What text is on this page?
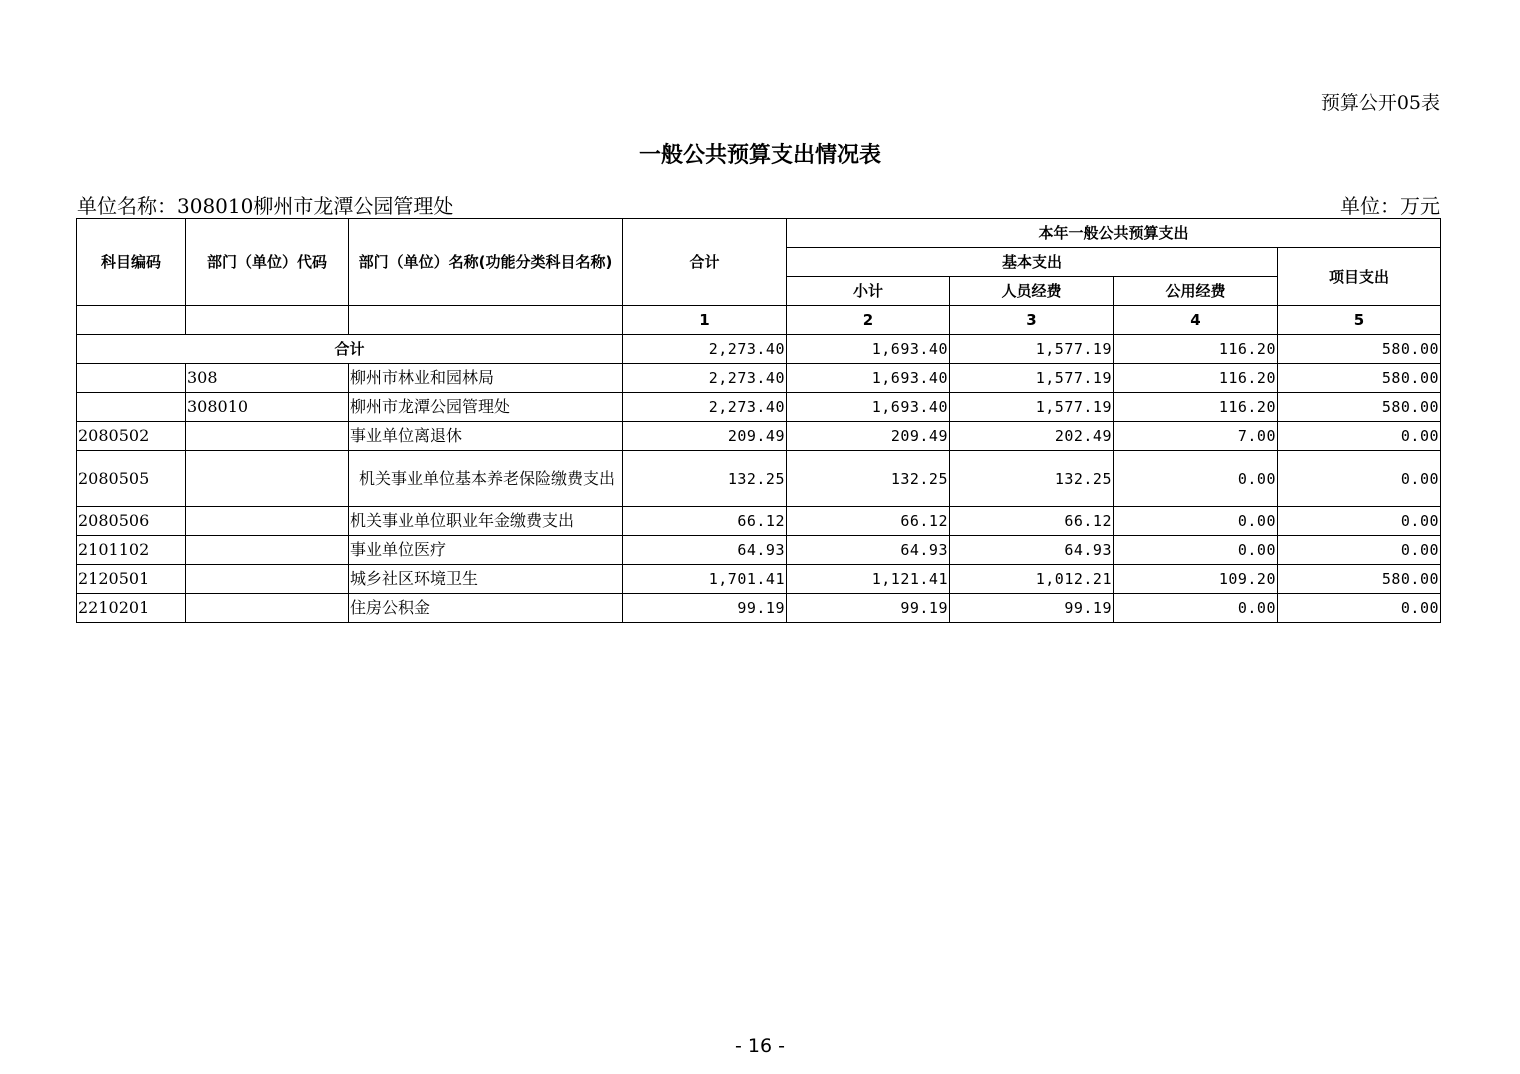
预算公开05表
一般公共预算支出情况表
单位名称：308010柳州市龙潭公园管理处	单位：万元
科目编码	部门（单位）代码	部门（单位）名称(功能分类科目名称)	合计	本年一般公共预算支出			
				基本支出			项目支出
				小计	人员经费	公用经费	
			1	2	3	4	5
合计			2,273.40	1,693.40	1,577.19	116.20	580.00
	308	柳州市林业和园林局	2,273.40	1,693.40	1,577.19	116.20	580.00
	308010	柳州市龙潭公园管理处	2,273.40	1,693.40	1,577.19	116.20	580.00
2080502		事业单位离退休	209.49	209.49	202.49	7.00	0.00
2080505		机关事业单位基本养老保险缴费支出	132.25	132.25	132.25	0.00	0.00
2080506		机关事业单位职业年金缴费支出	66.12	66.12	66.12	0.00	0.00
2101102		事业单位医疗	64.93	64.93	64.93	0.00	0.00
2120501		城乡社区环境卫生	1,701.41	1,121.41	1,012.21	109.20	580.00
2210201		住房公积金	99.19	99.19	99.19	0.00	0.00
- 16 -
